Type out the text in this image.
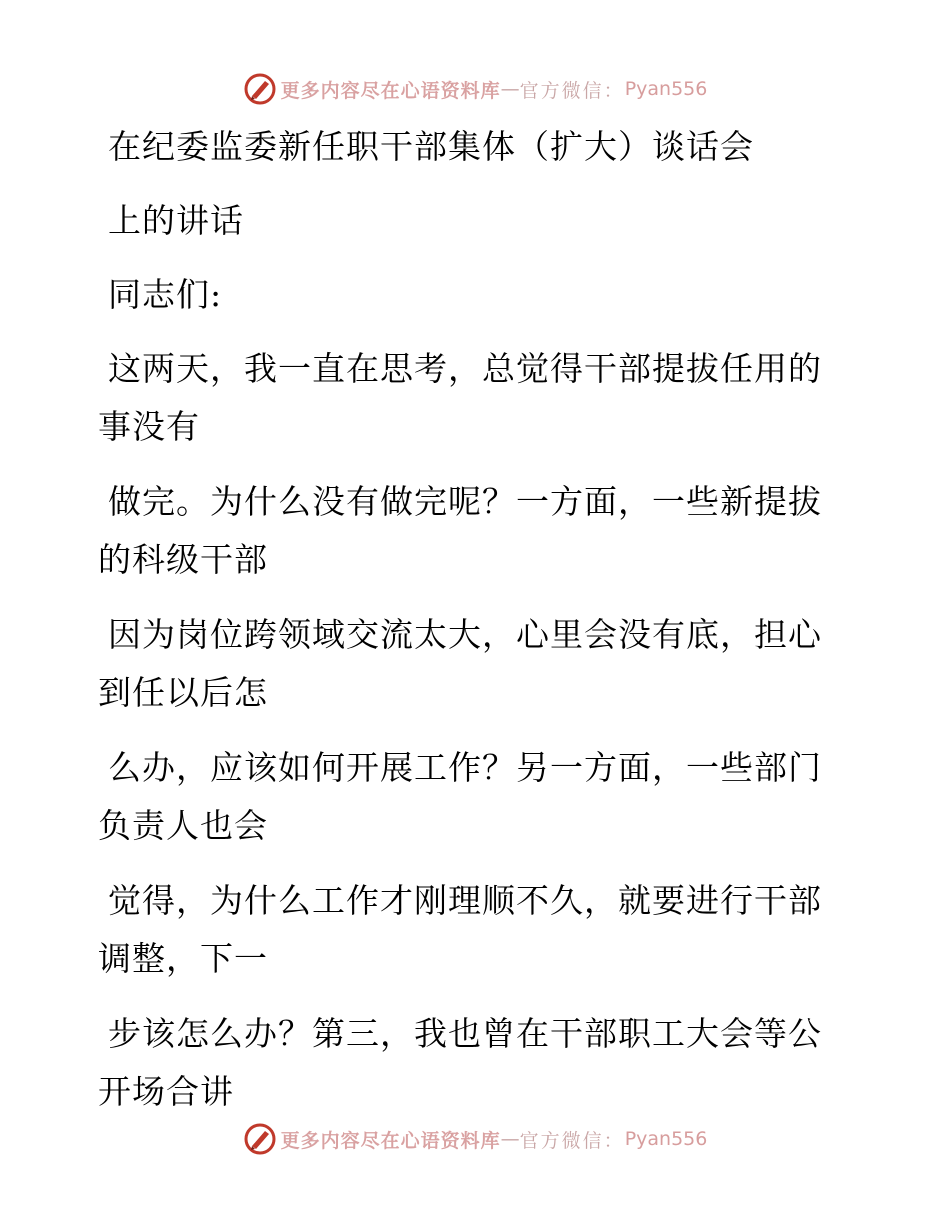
更多内容尽在心语资料库 — 官方微信： Pyan556
在纪委监委新任职干部集体（扩大）谈话会
上的讲话
同志们:
这两天，我一直在思考，总觉得干部提拔任用的
事没有
做完。为什么没有做完呢？一方面，一些新提拔
的科级干部
因为岗位跨领域交流太大，心里会没有底，担心
到任以后怎
么办，应该如何开展工作？另一方面，一些部门
负责人也会
觉得，为什么工作才刚理顺不久，就要进行干部
调整，下一
步该怎么办？第三，我也曾在干部职工大会等公
开场合讲
更多内容尽在心语资料库 — 官方微信： Pyan556
